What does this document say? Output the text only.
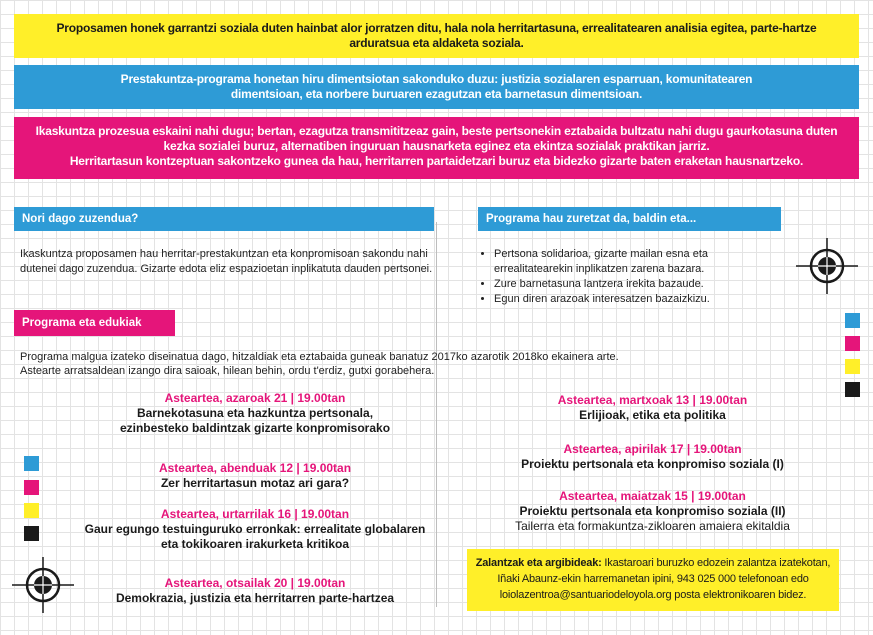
Proposamen honek garrantzi soziala duten hainbat alor jorratzen ditu, hala nola herritartasuna, errealitatearen analisia egitea, parte-hartze arduratsua eta aldaketa soziala.
Prestakuntza-programa honetan hiru dimentsiotan sakonduko duzu: justizia sozialaren esparruan, komunitatearen dimentsioan, eta norbere buruaren ezagutzan eta barnetasun dimentsioan.
Ikaskuntza prozesua eskaini nahi dugu; bertan, ezagutza transmititzeaz gain, beste pertsonekin eztabaida bultzatu nahi dugu gaurkotasuna duten kezka sozialei buruz, alternatiben inguruan hausnarketa eginez eta ekintza sozialak praktikan jarriz.
Herritartasun kontzeptuan sakontzeko gunea da hau, herritarren partaidetzari buruz eta bidezko gizarte baten eraketan hausnartzeko.
Nori dago zuzendua?	Programa hau zuretzat da, baldin eta...
Ikaskuntza proposamen hau herritar-prestakuntzan eta konpromisoan sakondu nahi dutenei dago zuzendua. Gizarte edota eliz espazioetan inplikatuta dauden pertsonei.
• Pertsona solidarioa, gizarte mailan esna eta errealitatearekin inplikatzen zarena bazara.
• Zure barnetasuna lantzera irekita bazaude.
• Egun diren arazoak interesatzen bazaizkizu.
Programa eta edukiak
Programa malgua izateko diseinatua dago, hitzaldiak eta eztabaida guneak banatuz 2017ko azarotik 2018ko ekainera arte.
Astearte arratsaldean izango dira saioak, hilean behin, ordu t'erdiz, gutxi gorabehera.
Asteartea, azaroak 21 | 19.00tan
Barnekotasuna eta hazkuntza pertsonala,
ezinbesteko baldintzak gizarte konpromisorako
Asteartea, abenduak 12 | 19.00tan
Zer herritartasun motaz ari gara?
Asteartea, urtarrilak 16 | 19.00tan
Gaur egungo testuinguruko erronkak: errealitate globalaren
eta tokikoaren irakurketa kritikoa
Asteartea, otsailak 20 | 19.00tan
Demokrazia, justizia eta herritarren parte-hartzea
Asteartea, martxoak 13 | 19.00tan
Erlijioak, etika eta politika
Asteartea, apirilak 17 | 19.00tan
Proiektu pertsonala eta konpromiso soziala (I)
Asteartea, maiatzak 15 | 19.00tan
Proiektu pertsonala eta konpromiso soziala (II)
Tailerra eta formakuntza-zikloaren amaiera ekitaldia
Zalantzak eta argibideak: Ikastaroari buruzko edozein zalantza izatekotan,
Iñaki Abaunz-ekin harremanetan ipini, 943 025 000 telefonoan edo
loiolazentroa@santuariodeloyola.org posta elektronikoaren bidez.
